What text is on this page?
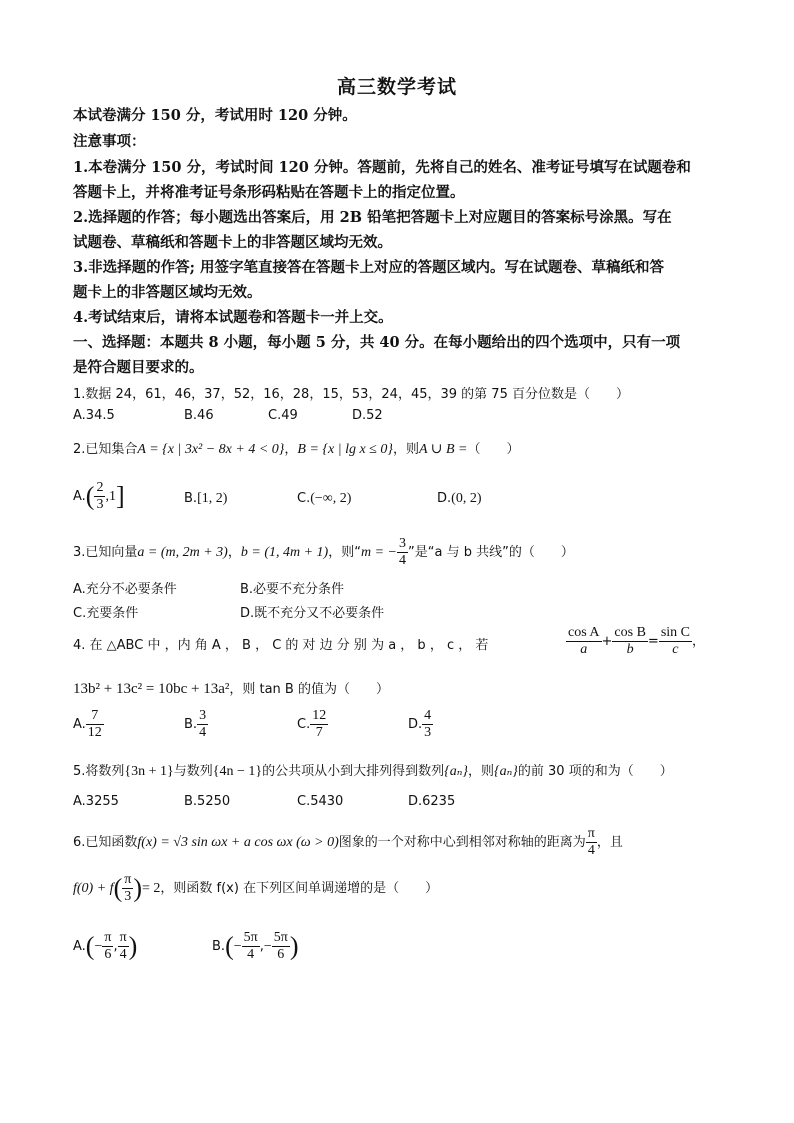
高三数学考试
本试卷满分 150 分，考试用时 120 分钟。
注意事项：
1.本卷满分 150 分，考试时间 120 分钟。答题前，先将自己的姓名、准考证号填写在试题卷和
答题卡上，并将准考证号条形码粘贴在答题卡上的指定位置。
2.选择题的作答；每小题选出答案后，用 2B 铅笔把答题卡上对应题目的答案标号涂黑。写在
试题卷、草稿纸和答题卡上的非答题区域均无效。
3.非选择题的作答; 用签字笔直接答在答题卡上对应的答题区域内。写在试题卷、草稿纸和答
题卡上的非答题区域均无效。
4.考试结束后，请将本试题卷和答题卡一并上交。
一、选择题：本题共 8 小题，每小题 5 分，共 40 分。在每小题给出的四个选项中，只有一项
是符合题目要求的。
1.数据 24，61，46，37，52，16，28，15，53，24，45，39 的第 75 百分位数是（　　）
A.34.5	B.46	C.49	D.52
2.已知集合A = {x | 3x² − 8x + 4 < 0}，B = {x | lg x ≤ 0}，则A ∪ B =（　　）
$A.( \frac{2}{3} ,1]$	B.[1, 2)	C.(−∞, 2)	D.(0, 2)
3.已知向量a = (m, 2m + 3)，b = (1, 4m + 1)，则“m = − $\frac{3}{4}$ ”是“a 与 b 共线”的（　　）
A.充分不必要条件	B.必要不充分条件
C.充要条件	D.既不充分又不必要条件
4. 在 △ABC 中 ，内 角 A ， B ， C 的 对 边 分 别 为 a ， b ， c ， 若	$\frac{\text{cos A}}{a} + \frac{\text{cos B}}{b} = \frac{\text{sin C}}{c}$ ，
13b² + 13c² = 10bc + 13a²，则 tan B 的值为（　　）
A. $\frac{7}{12}$	B. $\frac{3}{4}$	C. $\frac{12}{7}$	D. $\frac{4}{3}$
5.将数列{3n + 1}与数列{4n − 1}的公共项从小到大排列得到数列{aₙ}，则{aₙ}的前 30 项的和为（　　）
A.3255	B.5250	C.5430	D.6235
6.已知函数f(x) = √3 sin ωx + a cos ωx (ω > 0)图象的一个对称中心到相邻对称轴的距离为 $\frac{\pi}{4}$ ，且
$f(0) + f( \frac{\pi}{3}$ )= 2，则函数 f(x) 在下列区间单调递增的是（　　）
$A.(- \frac{\pi}{6}$ , $\frac{\pi}{4}$ )	$B.(- \frac{5\pi}{4}$ ,− $\frac{5\pi}{6}$ )
